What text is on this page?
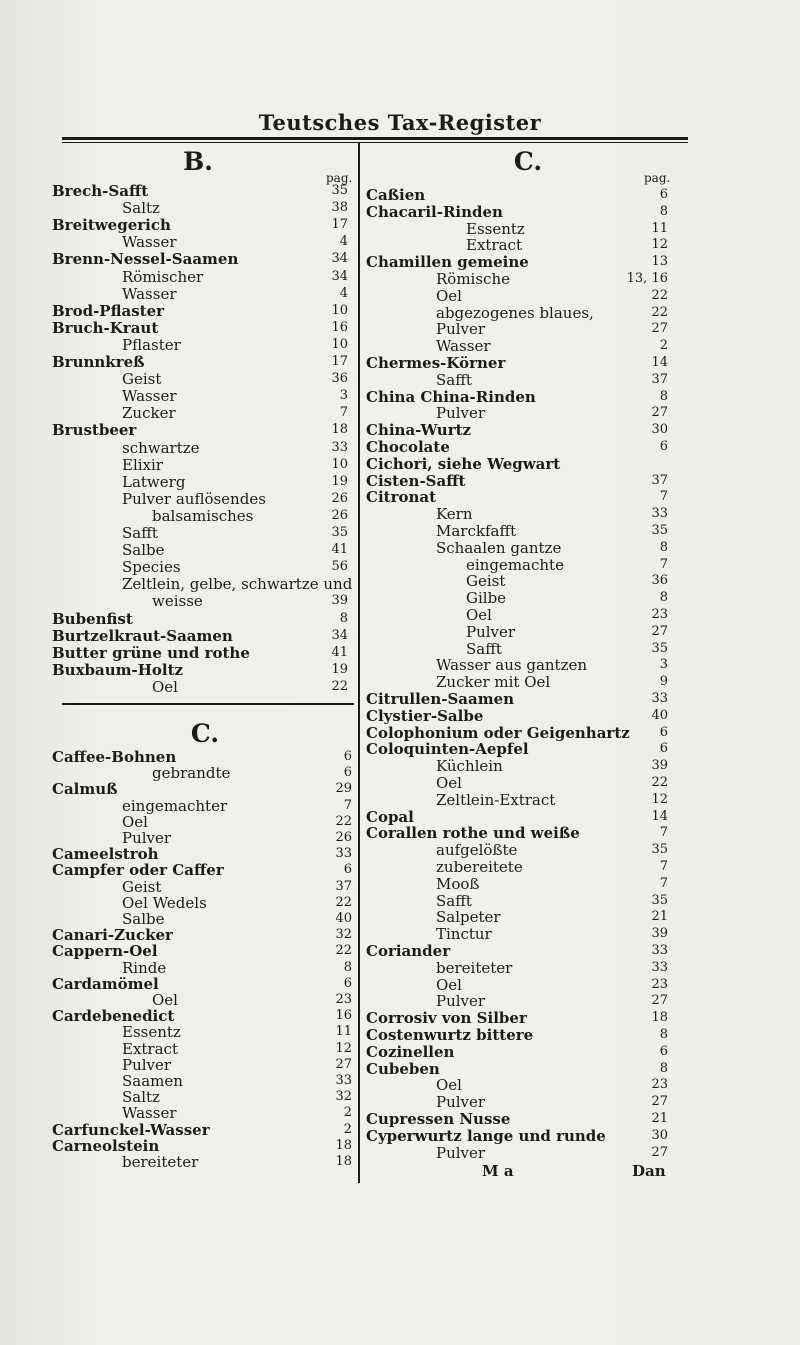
Teutsches Tax-Register
B.
pag.
Brech-Safft	35
Saltz	38
Breitwegerich	17
Wasser	4
Brenn-Nessel-Saamen	34
Römischer	34
Wasser	4
Brod-Pflaster	10
Bruch-Kraut	16
Pflaster	10
Brunnkreß	17
Geist	36
Wasser	3
Zucker	7
Brustbeer	18
schwartze	33
Elixir	10
Latwerg	19
Pulver auflösendes	26
balsamisches	26
Safft	35
Salbe	41
Species	56
Zeltlein, gelbe, schwartze und
weisse	39
Bubenfist	8
Burtzelkraut-Saamen	34
Butter grüne und rothe	41
Buxbaum-Holtz	19
Oel	22
C.
Caffee-Bohnen	6
gebrandte	6
Calmuß	29
eingemachter	7
Oel	22
Pulver	26
Cameelstroh	33
Campfer oder Caffer	6
Geist	37
Oel Wedels	22
Salbe	40
Canari-Zucker	32
Cappern-Oel	22
Rinde	8
Cardamömel	6
Oel	23
Cardebenedict	16
Essentz	11
Extract	12
Pulver	27
Saamen	33
Saltz	32
Wasser	2
Carfunckel-Wasser	2
Carneolstein	18
bereiteter	18
C.
pag.
Caßien	6
Chacaril-Rinden	8
Essentz	11
Extract	12
Chamillen gemeine	13
Römische	13, 16
Oel	22
abgezogenes blaues,	22
Pulver	27
Wasser	2
Chermes-Körner	14
Safft	37
China China-Rinden	8
Pulver	27
China-Wurtz	30
Chocolate	6
Cichori, siehe Wegwart
Cisten-Safft	37
Citronat	7
Kern	33
Marckfafft	35
Schaalen gantze	8
eingemachte	7
Geist	36
Gilbe	8
Oel	23
Pulver	27
Safft	35
Wasser aus gantzen	3
Zucker mit Oel	9
Citrullen-Saamen	33
Clystier-Salbe	40
Colophonium oder Geigenhartz	6
Coloquinten-Aepfel	6
Küchlein	39
Oel	22
Zeltlein-Extract	12
Copal	14
Corallen rothe und weiße	7
aufgelößte	35
zubereitete	7
Mooß	7
Safft	35
Salpeter	21
Tinctur	39
Coriander	33
bereiteter	33
Oel	23
Pulver	27
Corrosiv von Silber	18
Costenwurtz bittere	8
Cozinellen	6
Cubeben	8
Oel	23
Pulver	27
Cupressen Nusse	21
Cyperwurtz lange und runde	30
Pulver	27
M a	Dan
